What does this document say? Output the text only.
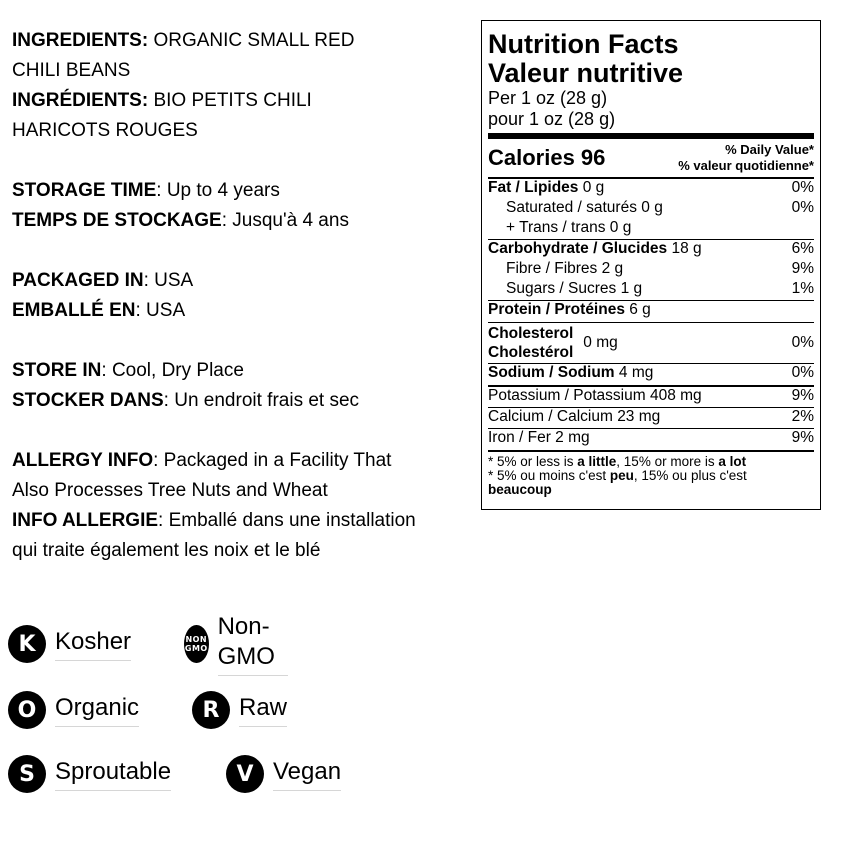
INGREDIENTS: ORGANIC SMALL RED
CHILI BEANS
INGRÉDIENTS: BIO PETITS CHILI
HARICOTS ROUGES
STORAGE TIME: Up to 4 years
TEMPS DE STOCKAGE: Jusqu'à 4 ans
PACKAGED IN: USA
EMBALLÉ EN: USA
STORE IN: Cool, Dry Place
STOCKER DANS: Un endroit frais et sec
ALLERGY INFO: Packaged in a Facility That
Also Processes Tree Nuts and Wheat
INFO ALLERGIE: Emballé dans une installation
qui traite également les noix et le blé
K Kosher	NON
GMO
Non-GMO
O Organic	R Raw
S Sproutable	V Vegan
Nutrition Facts
Valeur nutritive
Per 1 oz (28 g)
pour 1 oz (28 g)
Calories 96	% Daily Value*
% valeur quotidienne*
Fat / Lipides 0 g	0%
Saturated / saturés 0 g	0%
+ Trans / trans 0 g
Carbohydrate / Glucides 18 g	6%
Fibre / Fibres 2 g	9%
Sugars / Sucres 1 g	1%
Protein / Protéines 6 g
Cholesterol
Cholestérol
0 mg	0%
Sodium / Sodium 4 mg	0%
Potassium / Potassium 408 mg	9%
Calcium / Calcium 23 mg	2%
Iron / Fer 2 mg	9%
* 5% or less is a little, 15% or more is a lot
* 5% ou moins c'est peu, 15% ou plus c'est
beaucoup
